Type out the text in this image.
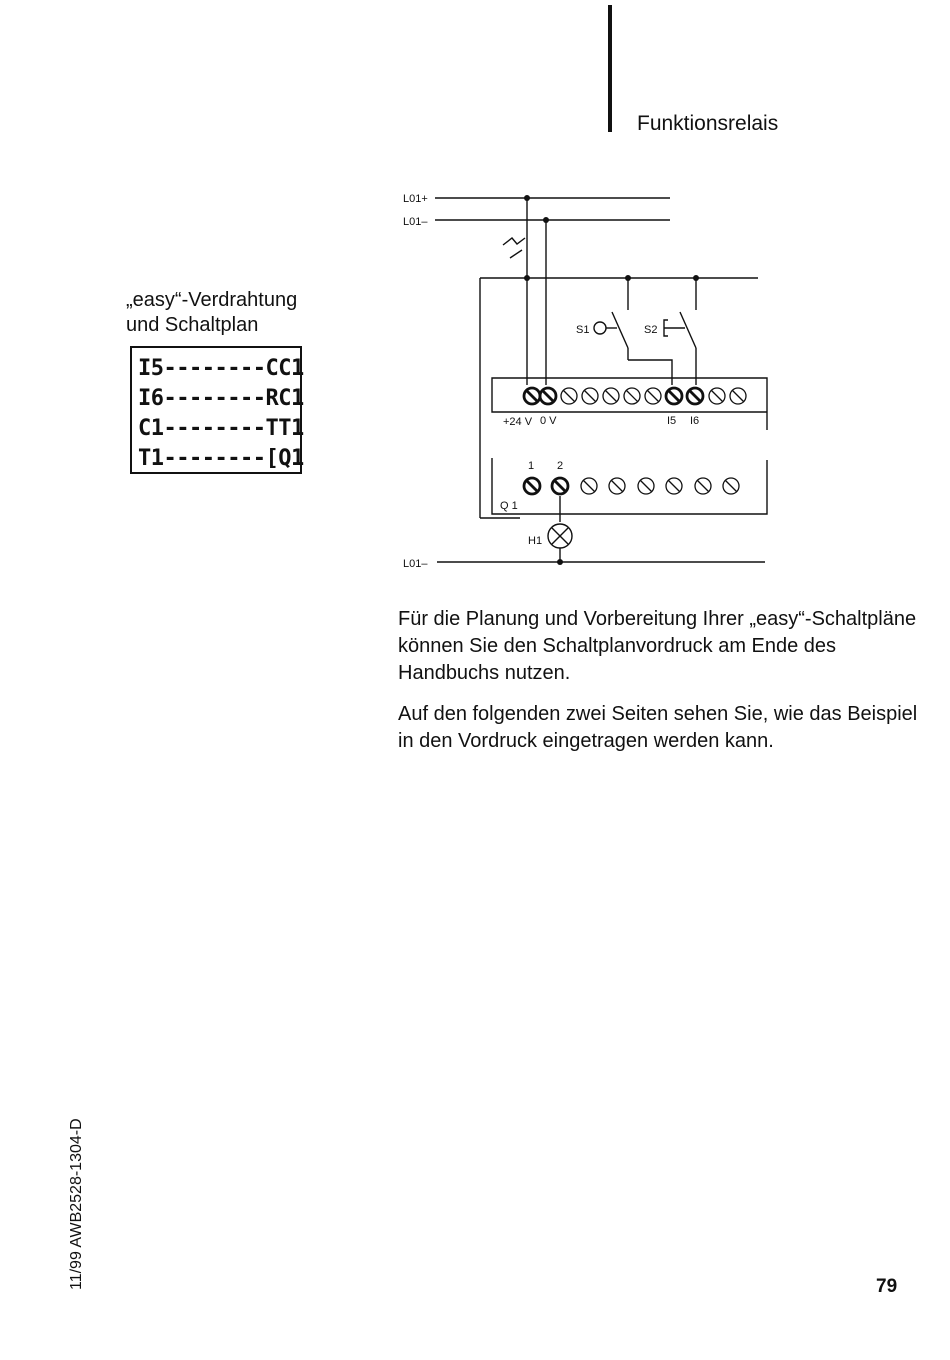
Funktionsrelais
„easy“-Verdrahtung
und Schaltplan
I5--------CC1
I6--------RC1
C1--------TT1
T1--------[Q1
L01+
L01–
L01–
S1	S2
+24 V 0 V	I5 I6
1 2
Q 1
H1

Für die Planung und Vorbereitung Ihrer „easy“-Schaltpläne können Sie den Schaltplanvordruck am Ende des Handbuchs nutzen.

Auf den folgenden zwei Seiten sehen Sie, wie das Beispiel in den Vordruck eingetragen werden kann.

11/99 AWB2528-1304-D	79
